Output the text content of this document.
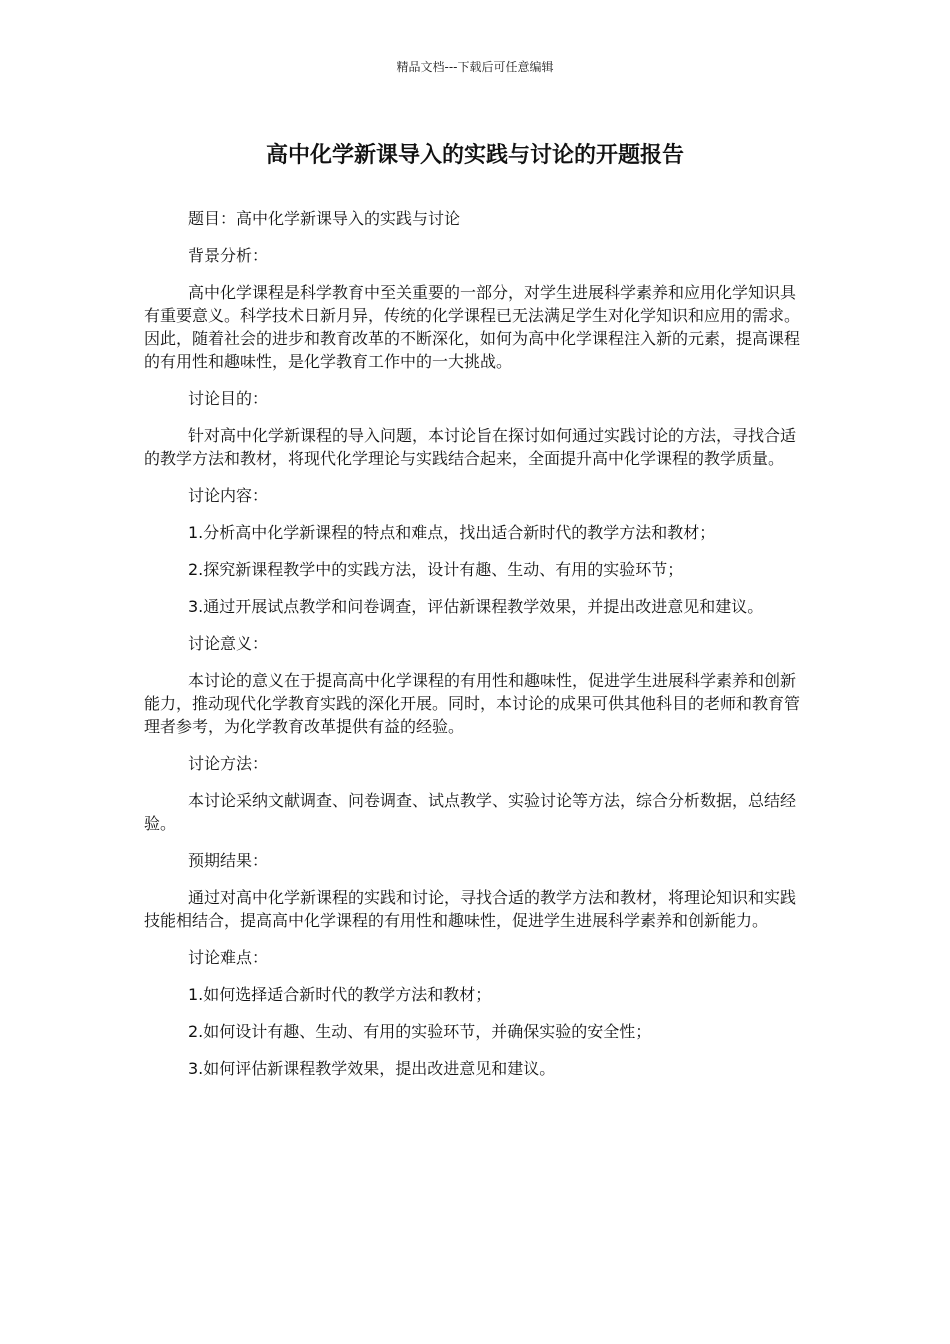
精品文档---下载后可任意编辑
高中化学新课导入的实践与讨论的开题报告

题目：高中化学新课导入的实践与讨论

背景分析：

高中化学课程是科学教育中至关重要的一部分，对学生进展科学素养和应用化学知识具有重要意义。科学技术日新月异，传统的化学课程已无法满足学生对化学知识和应用的需求。因此，随着社会的进步和教育改革的不断深化，如何为高中化学课程注入新的元素，提高课程的有用性和趣味性，是化学教育工作中的一大挑战。

讨论目的：

针对高中化学新课程的导入问题，本讨论旨在探讨如何通过实践讨论的方法，寻找合适的教学方法和教材，将现代化学理论与实践结合起来，全面提升高中化学课程的教学质量。

讨论内容：

1.分析高中化学新课程的特点和难点，找出适合新时代的教学方法和教材；

2.探究新课程教学中的实践方法，设计有趣、生动、有用的实验环节；

3.通过开展试点教学和问卷调查，评估新课程教学效果，并提出改进意见和建议。

讨论意义：

本讨论的意义在于提高高中化学课程的有用性和趣味性，促进学生进展科学素养和创新能力，推动现代化学教育实践的深化开展。同时，本讨论的成果可供其他科目的老师和教育管理者参考，为化学教育改革提供有益的经验。

讨论方法：

本讨论采纳文献调查、问卷调查、试点教学、实验讨论等方法，综合分析数据，总结经验。

预期结果：

通过对高中化学新课程的实践和讨论，寻找合适的教学方法和教材，将理论知识和实践技能相结合，提高高中化学课程的有用性和趣味性，促进学生进展科学素养和创新能力。

讨论难点：

1.如何选择适合新时代的教学方法和教材；

2.如何设计有趣、生动、有用的实验环节，并确保实验的安全性；

3.如何评估新课程教学效果，提出改进意见和建议。
